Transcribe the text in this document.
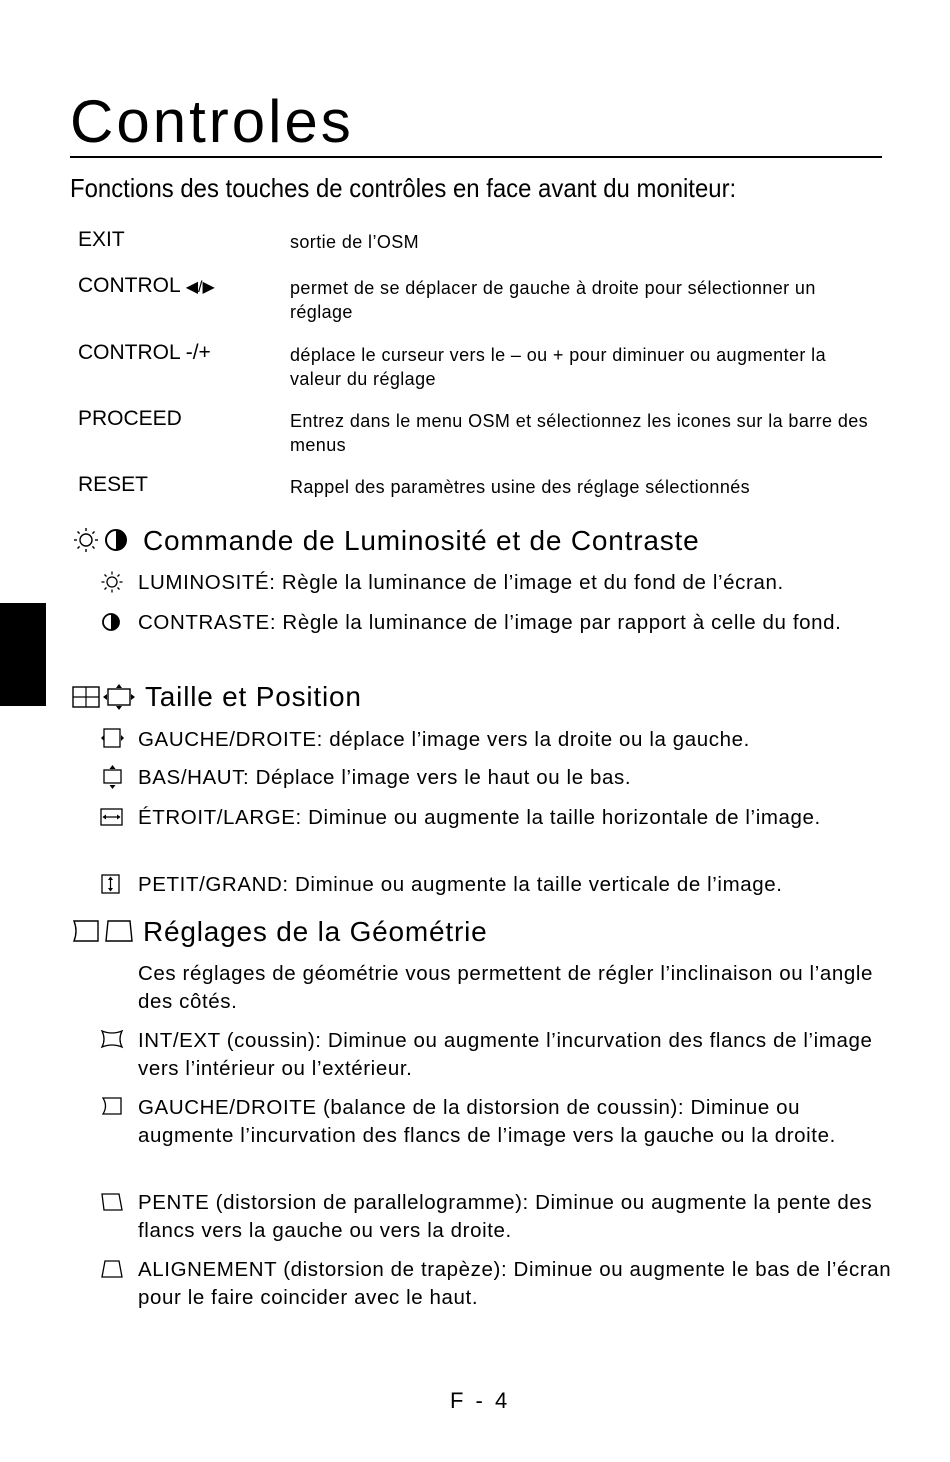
Controles
Fonctions des touches de contrôles en face avant du moniteur:
EXIT	sortie de l’OSM
CONTROL ◀/▶	permet de se déplacer de gauche à droite pour sélectionner un réglage
CONTROL -/+	déplace le curseur vers le – ou + pour diminuer ou augmenter la valeur du réglage
PROCEED	Entrez dans le menu OSM et sélectionnez les icones sur la barre des menus
RESET	Rappel des paramètres usine des réglage sélectionnés
Commande de Luminosité et de Contraste
LUMINOSITÉ: Règle la luminance de l’image et du fond de l’écran.
CONTRASTE: Règle la luminance de l’image par rapport à celle du fond.
Taille et Position
GAUCHE/DROITE: déplace l’image vers la droite ou la gauche.
BAS/HAUT: Déplace l’image vers le haut ou le bas.
ÉTROIT/LARGE: Diminue ou augmente la taille horizontale de l’image.
PETIT/GRAND: Diminue ou augmente la taille verticale de l’image.
Réglages de la Géométrie
Ces réglages de géométrie vous permettent de régler l’inclinaison ou l’angle des côtés.
INT/EXT (coussin): Diminue ou augmente l’incurvation des flancs de l’image vers l’intérieur ou l’extérieur.
GAUCHE/DROITE (balance de la distorsion de coussin): Diminue ou augmente l’incurvation des flancs de l’image vers la gauche ou la droite.
PENTE (distorsion de parallelogramme): Diminue ou augmente la pente des flancs vers la gauche ou vers la droite.
ALIGNEMENT (distorsion de trapèze): Diminue ou augmente le bas de l’écran pour le faire coincider avec le haut.
F - 4
